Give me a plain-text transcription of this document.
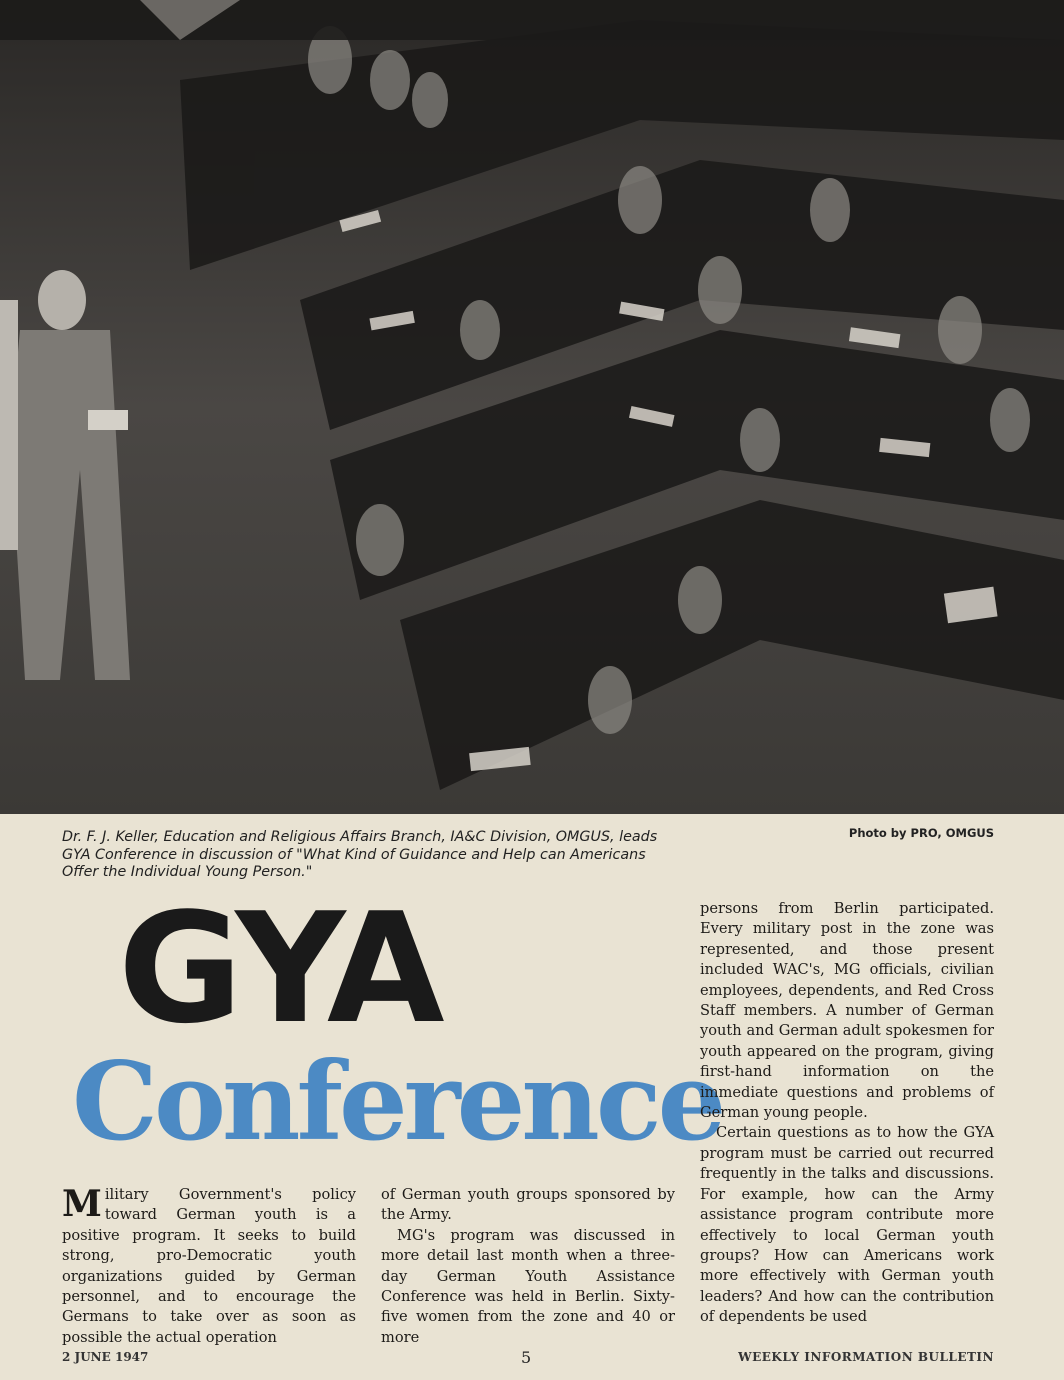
Dr. F. J. Keller, Education and Religious Affairs Branch, IA&C Division, OMGUS, leads GYA Conference in discussion of "What Kind of Guidance and Help can Americans Offer the Individual Young Person."
Photo by PRO, OMGUS
GYA
Conference

Military Government's policy toward German youth is a positive program. It seeks to build strong, pro-Democratic youth organizations guided by German personnel, and to encourage the Germans to take over as soon as possible the actual operation

of German youth groups sponsored by the Army.

MG's program was discussed in more detail last month when a three-day German Youth Assistance Conference was held in Berlin. Sixty-five women from the zone and 40 or more

persons from Berlin participated. Every military post in the zone was represented, and those present included WAC's, MG officials, civilian employees, dependents, and Red Cross Staff members. A number of German youth and German adult spokesmen for youth appeared on the program, giving first-hand information on the immediate questions and problems of German young people.

Certain questions as to how the GYA program must be carried out recurred frequently in the talks and discussions. For example, how can the Army assistance program contribute more effectively to local German youth groups? How can Americans work more effectively with German youth leaders? And how can the contribution of dependents be used

2 JUNE 1947	5	WEEKLY INFORMATION BULLETIN
